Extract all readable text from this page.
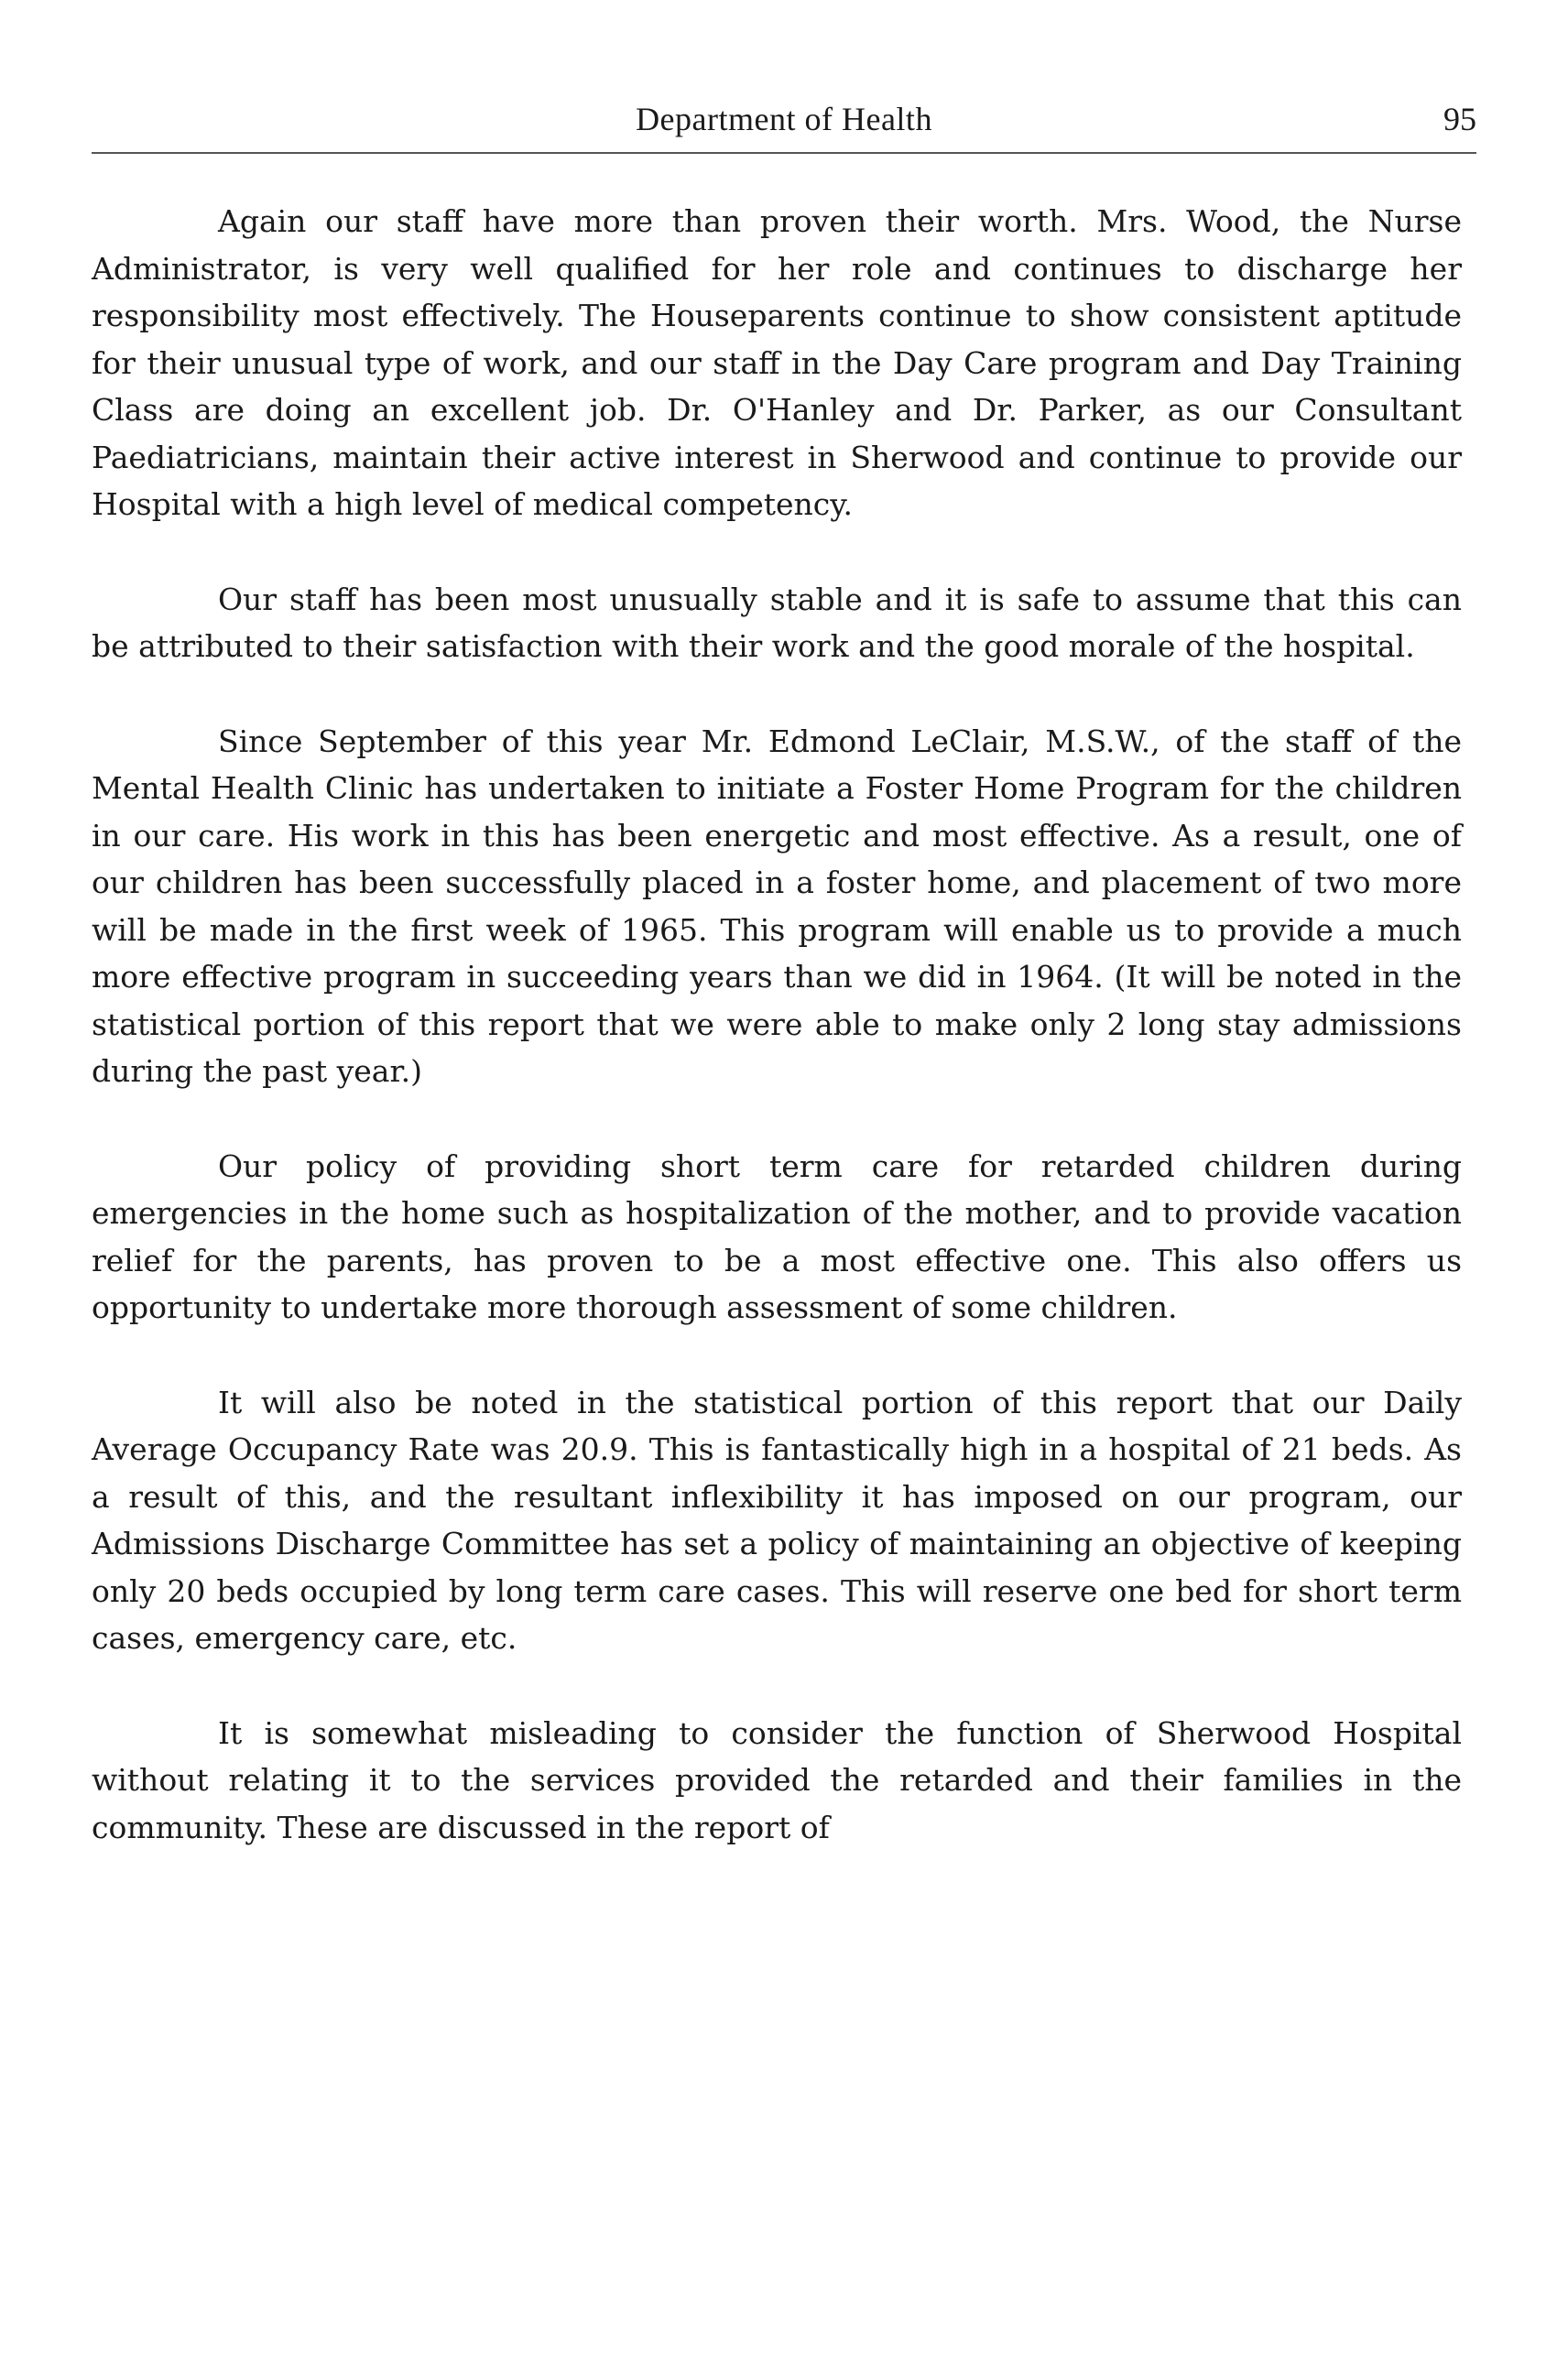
Department of Health	95

Again our staff have more than proven their worth. Mrs. Wood, the Nurse Administrator, is very well qualified for her role and continues to discharge her responsibility most effectively. The Houseparents continue to show consistent aptitude for their unusual type of work, and our staff in the Day Care program and Day Training Class are doing an excellent job. Dr. O'Hanley and Dr. Parker, as our Consultant Paediatricians, maintain their active interest in Sherwood and continue to provide our Hospital with a high level of medical competency.

Our staff has been most unusually stable and it is safe to assume that this can be attributed to their satisfaction with their work and the good morale of the hospital.

Since September of this year Mr. Edmond LeClair, M.S.W., of the staff of the Mental Health Clinic has undertaken to initiate a Foster Home Program for the children in our care. His work in this has been energetic and most effective. As a result, one of our children has been successfully placed in a foster home, and placement of two more will be made in the first week of 1965. This program will enable us to provide a much more effective program in succeeding years than we did in 1964. (It will be noted in the statistical portion of this report that we were able to make only 2 long stay admissions during the past year.)

Our policy of providing short term care for retarded children during emergencies in the home such as hospitalization of the mother, and to provide vacation relief for the parents, has proven to be a most effective one. This also offers us opportunity to undertake more thorough assessment of some children.

It will also be noted in the statistical portion of this report that our Daily Average Occupancy Rate was 20.9. This is fantastically high in a hospital of 21 beds. As a result of this, and the resultant inflexibility it has imposed on our program, our Admissions Discharge Committee has set a policy of maintaining an objective of keeping only 20 beds occupied by long term care cases. This will reserve one bed for short term cases, emergency care, etc.

It is somewhat misleading to consider the function of Sherwood Hospital without relating it to the services provided the retarded and their families in the community. These are discussed in the report of
